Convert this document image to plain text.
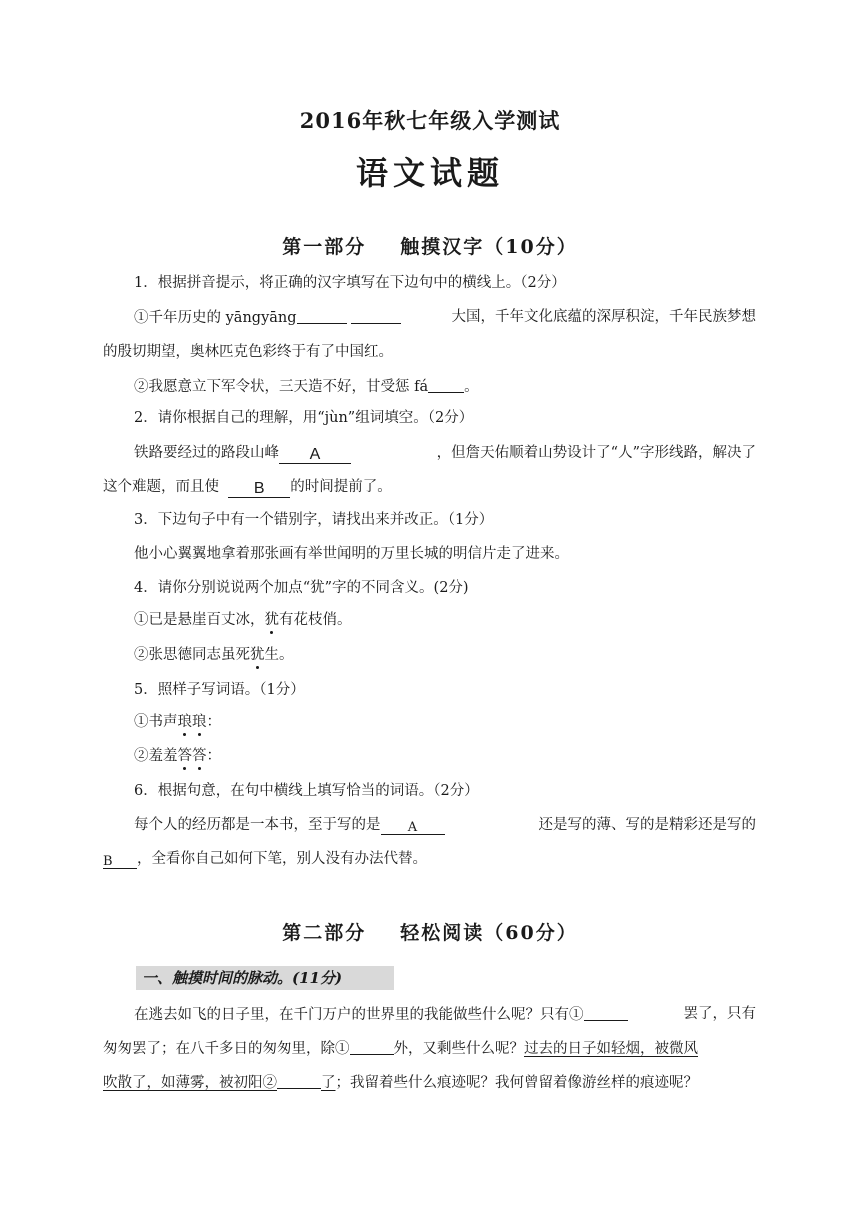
2016年秋七年级入学测试
语文试题
第一部分 触摸汉字（10分）
1．根据拼音提示，将正确的汉字填写在下边句中的横线上。（2分）
①千年历史的 yāngyāng	大国，千年文化底蕴的深厚积淀，千年民族梦想
的殷切期望，奥林匹克色彩终于有了中国红。
②我愿意立下军令状，三天造不好，甘受惩 fá 。
2．请你根据自己的理解，用“jùn”组词填空。（2分）
铁路要经过的路段山峰 A	，但詹天佑顺着山势设计了“人”字形线路，解决了
这个难题，而且使 B 的时间提前了。
3．下边句子中有一个错别字，请找出来并改正。（1分）
他小心翼翼地拿着那张画有举世闻明的万里长城的明信片走了进来。
4．请你分别说说两个加点“犹”字的不同含义。(2分)
①已是悬崖百丈冰，犹有花枝俏。
②张思德同志虽死犹生。
5．照样子写词语。（1分）
①书声琅琅：
②羞羞答答：
6．根据句意，在句中横线上填写恰当的词语。（2分）
每个人的经历都是一本书，至于写的是 A	还是写的薄、写的是精彩还是写的
B ，全看你自己如何下笔，别人没有办法代替。
第二部分 轻松阅读（60分）
一、触摸时间的脉动。(11分)
在逃去如飞的日子里，在千门万户的世界里的我能做些什么呢？只有①	罢了，只有
匆匆罢了；在八千多日的匆匆里，除①	外，又剩些什么呢？过去的日子如轻烟，被微风
吹散了，如薄雾，被初阳②	了；我留着些什么痕迹呢？我何曾留着像游丝样的痕迹呢？
